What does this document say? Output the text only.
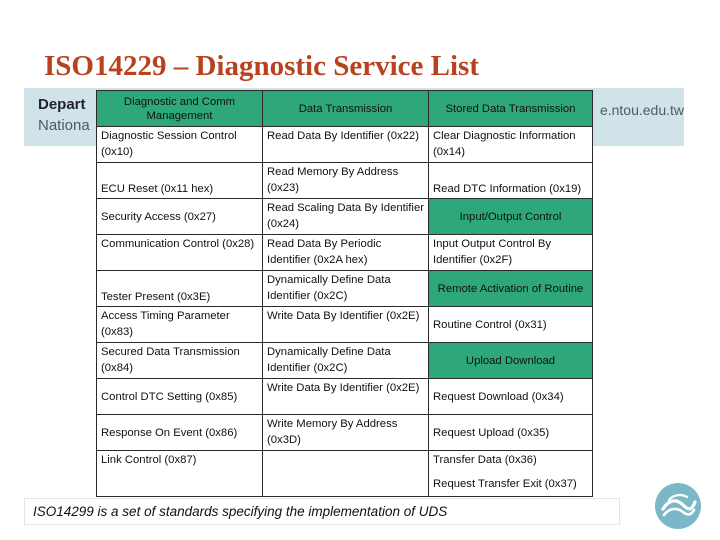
ISO14229 – Diagnostic Service List
Depart
Nationa
e.ntou.edu.tw
Diagnostic and Comm Management	Data Transmission	Stored Data Transmission
Diagnostic Session Control (0x10)	Read Data By Identifier (0x22)	Clear Diagnostic Information (0x14)
ECU Reset (0x11 hex)	Read Memory By Address (0x23)	Read DTC Information (0x19)
Security Access (0x27)	Read Scaling Data By Identifier (0x24)	Input/Output Control
Communication Control (0x28)	Read Data By Periodic Identifier (0x2A hex)	Input Output Control By Identifier (0x2F)
Tester Present (0x3E)	Dynamically Define Data Identifier (0x2C)	Remote Activation of Routine
Access Timing Parameter (0x83)	Write Data By Identifier (0x2E)	Routine Control (0x31)
Secured Data Transmission (0x84)	Dynamically Define Data Identifier (0x2C)	Upload Download
Control DTC Setting (0x85)	Write Data By Identifier (0x2E)	Request Download (0x34)
Response On Event (0x86)	Write Memory By Address (0x3D)	Request Upload (0x35)
Link Control (0x87)		Transfer Data (0x36)
Request Transfer Exit (0x37)
ISO14299 is a set of standards specifying the implementation of UDS
